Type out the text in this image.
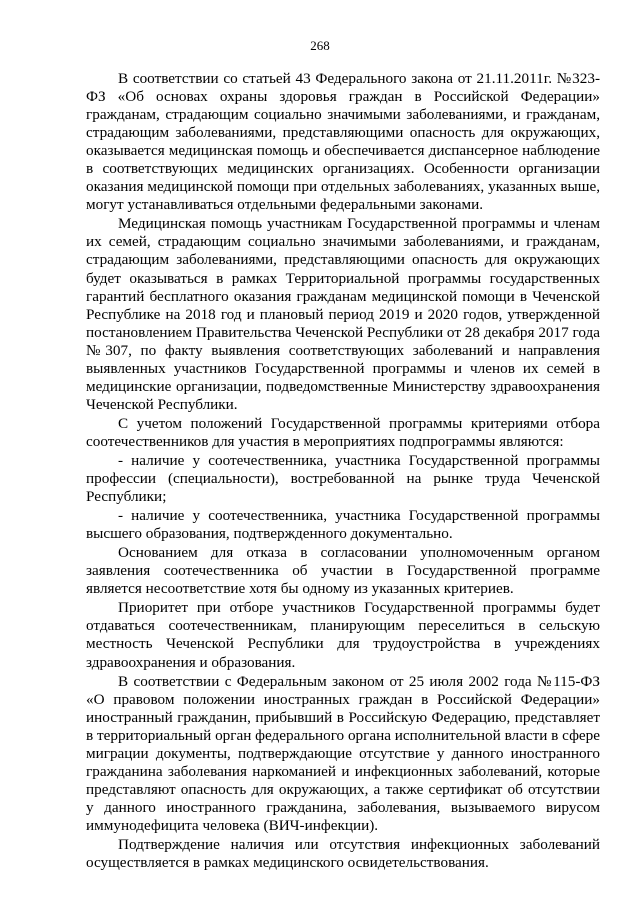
268

В соответствии со статьей 43 Федерального закона от 21.11.2011г. №323-ФЗ «Об основах охраны здоровья граждан в Российской Федерации» гражданам, страдающим социально значимыми заболеваниями, и гражданам, страдающим заболеваниями, представляющими опасность для окружающих, оказывается медицинская помощь и обеспечивается диспансерное наблюдение в соответствующих медицинских организациях. Особенности организации оказания медицинской помощи при отдельных заболеваниях, указанных выше, могут устанавливаться отдельными федеральными законами.

Медицинская помощь участникам Государственной программы и членам их семей, страдающим социально значимыми заболеваниями, и гражданам, страдающим заболеваниями, представляющими опасность для окружающих будет оказываться в рамках Территориальной программы государственных гарантий бесплатного оказания гражданам медицинской помощи в Чеченской Республике на 2018 год и плановый период 2019 и 2020 годов, утвержденной постановлением Правительства Чеченской Республики от 28 декабря 2017 года №307, по факту выявления соответствующих заболеваний и направления выявленных участников Государственной программы и членов их семей в медицинские организации, подведомственные Министерству здравоохранения Чеченской Республики.

С учетом положений Государственной программы критериями отбора соотечественников для участия в мероприятиях подпрограммы являются:

- наличие у соотечественника, участника Государственной программы профессии (специальности), востребованной на рынке труда Чеченской Республики;

- наличие у соотечественника, участника Государственной программы высшего образования, подтвержденного документально.

Основанием для отказа в согласовании уполномоченным органом заявления соотечественника об участии в Государственной программе является несоответствие хотя бы одному из указанных критериев.

Приоритет при отборе участников Государственной программы будет отдаваться соотечественникам, планирующим переселиться в сельскую местность Чеченской Республики для трудоустройства в учреждениях здравоохранения и образования.

В соответствии с Федеральным законом от 25 июля 2002 года №115-ФЗ «О правовом положении иностранных граждан в Российской Федерации» иностранный гражданин, прибывший в Российскую Федерацию, представляет в территориальный орган федерального органа исполнительной власти в сфере миграции документы, подтверждающие отсутствие у данного иностранного гражданина заболевания наркоманией и инфекционных заболеваний, которые представляют опасность для окружающих, а также сертификат об отсутствии у данного иностранного гражданина, заболевания, вызываемого вирусом иммунодефицита человека (ВИЧ-инфекции).

Подтверждение наличия или отсутствия инфекционных заболеваний осуществляется в рамках медицинского освидетельствования.
